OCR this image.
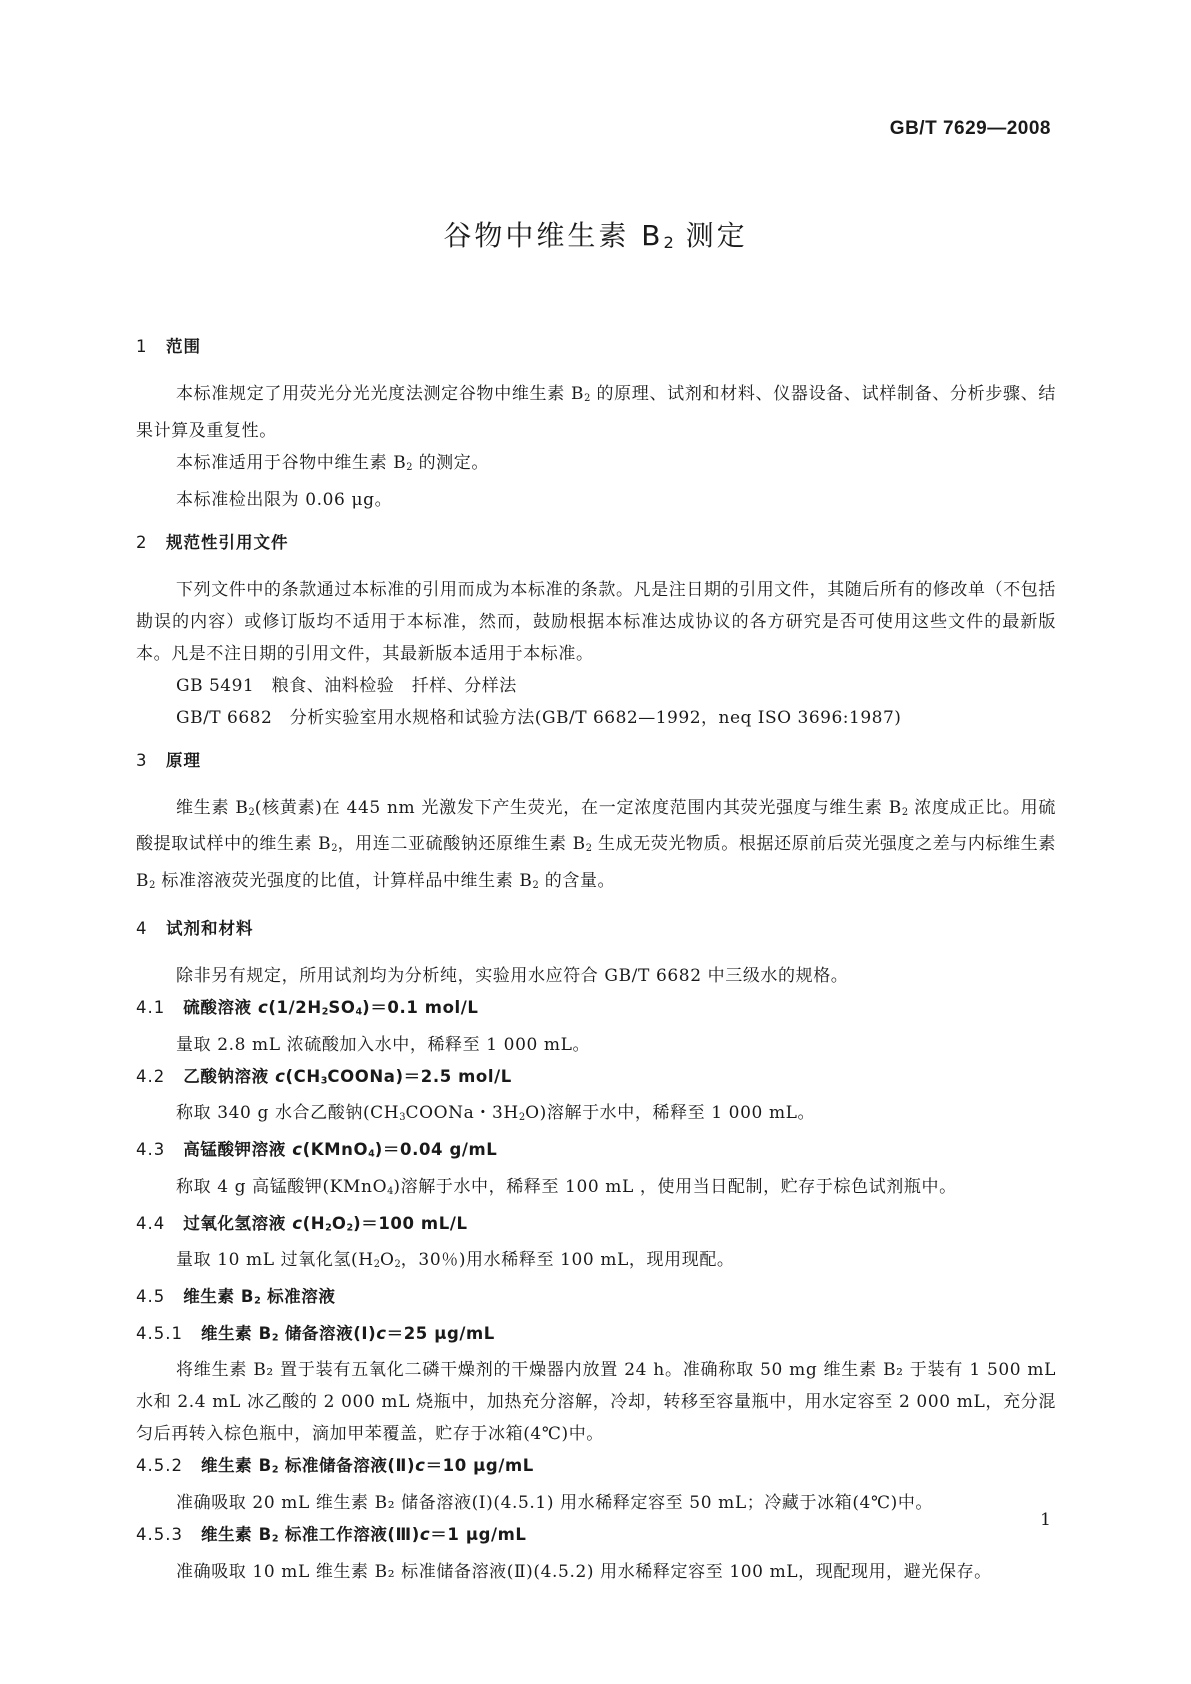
GB/T 7629—2008
谷物中维生素 B2 测定
1 范围

本标准规定了用荧光分光光度法测定谷物中维生素 B2 的原理、试剂和材料、仪器设备、试样制备、分析步骤、结果计算及重复性。

本标准适用于谷物中维生素 B2 的测定。

本标准检出限为 0.06 μg。

2 规范性引用文件

下列文件中的条款通过本标准的引用而成为本标准的条款。凡是注日期的引用文件，其随后所有的修改单（不包括勘误的内容）或修订版均不适用于本标准，然而，鼓励根据本标准达成协议的各方研究是否可使用这些文件的最新版本。凡是不注日期的引用文件，其最新版本适用于本标准。

GB 5491　粮食、油料检验　扦样、分样法
GB/T 6682　分析实验室用水规格和试验方法(GB/T 6682—1992，neq ISO 3696:1987)
3 原理

维生素 B2(核黄素)在 445 nm 光激发下产生荧光，在一定浓度范围内其荧光强度与维生素 B2 浓度成正比。用硫酸提取试样中的维生素 B2，用连二亚硫酸钠还原维生素 B2 生成无荧光物质。根据还原前后荧光强度之差与内标维生素 B2 标准溶液荧光强度的比值，计算样品中维生素 B2 的含量。

4 试剂和材料

除非另有规定，所用试剂均为分析纯，实验用水应符合 GB/T 6682 中三级水的规格。

4.1 硫酸溶液 c(1/2H2SO4)＝0.1 mol/L

量取 2.8 mL 浓硫酸加入水中，稀释至 1 000 mL。

4.2 乙酸钠溶液 c(CH3COONa)＝2.5 mol/L

称取 340 g 水合乙酸钠(CH3COONa・3H2O)溶解于水中，稀释至 1 000 mL。

4.3 高锰酸钾溶液 c(KMnO4)＝0.04 g/mL

称取 4 g 高锰酸钾(KMnO4)溶解于水中，稀释至 100 mL ，使用当日配制，贮存于棕色试剂瓶中。

4.4 过氧化氢溶液 c(H2O2)＝100 mL/L

量取 10 mL 过氧化氢(H2O2，30％)用水稀释至 100 mL，现用现配。

4.5 维生素 B2 标准溶液
4.5.1 维生素 B2 储备溶液(Ⅰ)c＝25 μg/mL

将维生素 B₂ 置于装有五氧化二磷干燥剂的干燥器内放置 24 h。准确称取 50 mg 维生素 B₂ 于装有 1 500 mL 水和 2.4 mL 冰乙酸的 2 000 mL 烧瓶中，加热充分溶解，冷却，转移至容量瓶中，用水定容至 2 000 mL，充分混匀后再转入棕色瓶中，滴加甲苯覆盖，贮存于冰箱(4℃)中。

4.5.2 维生素 B2 标准储备溶液(Ⅱ)c＝10 μg/mL

准确吸取 20 mL 维生素 B₂ 储备溶液(Ⅰ)(4.5.1) 用水稀释定容至 50 mL；冷藏于冰箱(4℃)中。

4.5.3 维生素 B2 标准工作溶液(Ⅲ)c＝1 μg/mL

准确吸取 10 mL 维生素 B₂ 标准储备溶液(Ⅱ)(4.5.2) 用水稀释定容至 100 mL，现配现用，避光保存。

1
